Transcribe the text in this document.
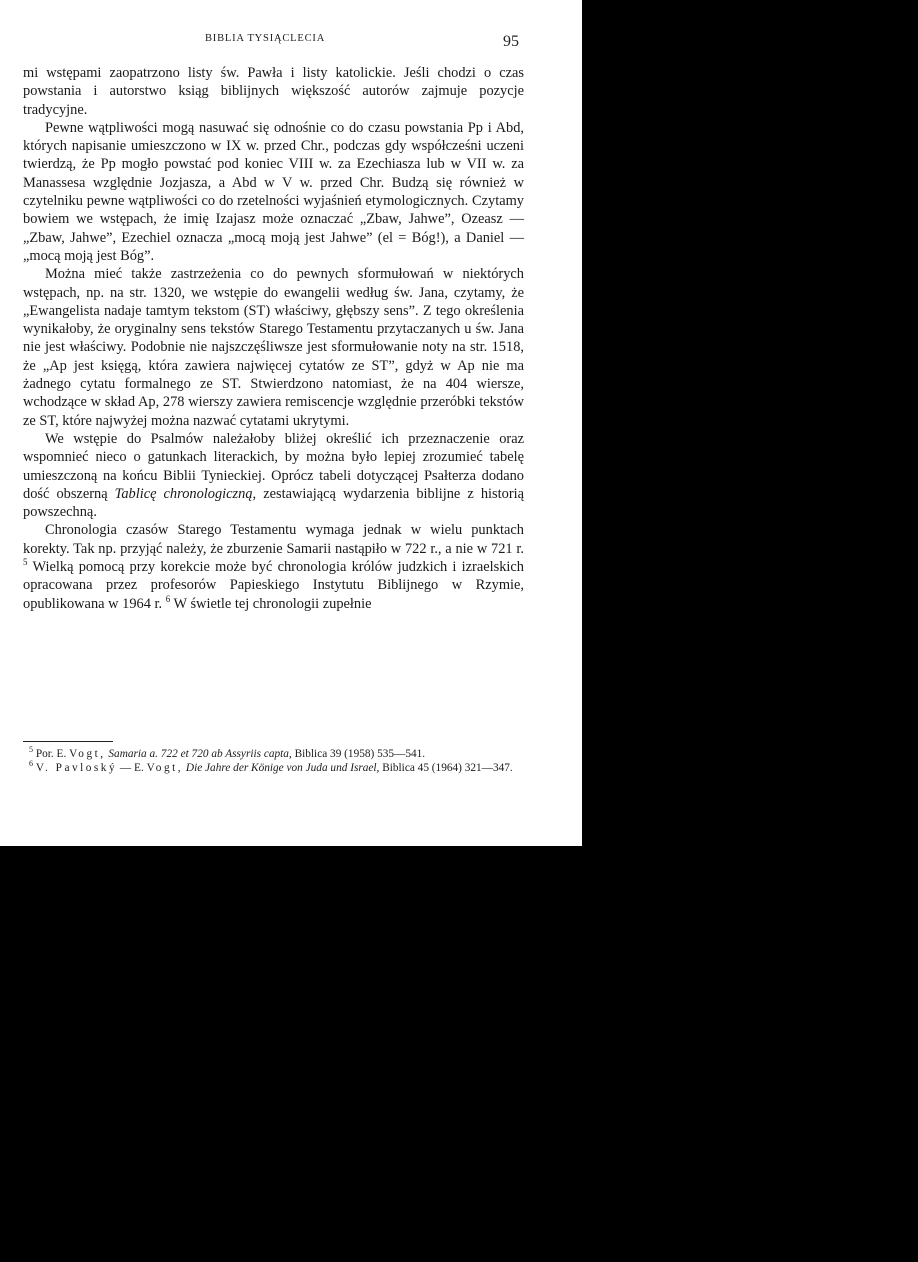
BIBLIA TYSIĄCLECIA	95

mi wstępami zaopatrzono listy św. Pawła i listy katolickie. Jeśli chodzi o czas powstania i autorstwo ksiąg biblijnych większość autorów zajmuje pozycje tradycyjne.

Pewne wątpliwości mogą nasuwać się odnośnie co do czasu powstania Pp i Abd, których napisanie umieszczono w IX w. przed Chr., podczas gdy współcześni uczeni twierdzą, że Pp mogło powstać pod koniec VIII w. za Ezechiasza lub w VII w. za Manassesa względnie Jozjasza, a Abd w V w. przed Chr. Budzą się również w czytelniku pewne wątpliwości co do rzetelności wyjaśnień etymologicznych. Czytamy bowiem we wstępach, że imię Izajasz może oznaczać „Zbaw, Jahwe”, Ozeasz — „Zbaw, Jahwe”, Ezechiel oznacza „mocą moją jest Jahwe” (el = Bóg!), a Daniel — „mocą moją jest Bóg”.

Można mieć także zastrzeżenia co do pewnych sformułowań w niektórych wstępach, np. na str. 1320, we wstępie do ewangelii według św. Jana, czytamy, że „Ewangelista nadaje tamtym tekstom (ST) właściwy, głębszy sens”. Z tego określenia wynikałoby, że oryginalny sens tekstów Starego Testamentu przytaczanych u św. Jana nie jest właściwy. Podobnie nie najszczęśliwsze jest sformułowanie noty na str. 1518, że „Ap jest księgą, która zawiera najwięcej cytatów ze ST”, gdyż w Ap nie ma żadnego cytatu formalnego ze ST. Stwierdzono natomiast, że na 404 wiersze, wchodzące w skład Ap, 278 wierszy zawiera remiscencje względnie przeróbki tekstów ze ST, które najwyżej można nazwać cytatami ukrytymi.

We wstępie do Psalmów należałoby bliżej określić ich przeznaczenie oraz wspomnieć nieco o gatunkach literackich, by można było lepiej zrozumieć tabelę umieszczoną na końcu Biblii Tynieckiej. Oprócz tabeli dotyczącej Psałterza dodano dość obszerną Tablicę chronologiczną, zestawiającą wydarzenia biblijne z historią powszechną.

Chronologia czasów Starego Testamentu wymaga jednak w wielu punktach korekty. Tak np. przyjąć należy, że zburzenie Samarii nastąpiło w 722 r., a nie w 721 r. $^5$ Wielką pomocą przy korekcie może być chronologia królów judzkich i izraelskich opracowana przez profesorów Papieskiego Instytutu Biblijnego w Rzymie, opublikowana w 1964 r. $^6$ W świetle tej chronologii zupełnie

$^5$ Por. E. Vogt, Samaria a. 722 et 720 ab Assyriis capta, Biblica 39 (1958) 535—541.

$^6$ V. Pavloský — E. Vogt, Die Jahre der Könige von Juda und Israel, Biblica 45 (1964) 321—347.
